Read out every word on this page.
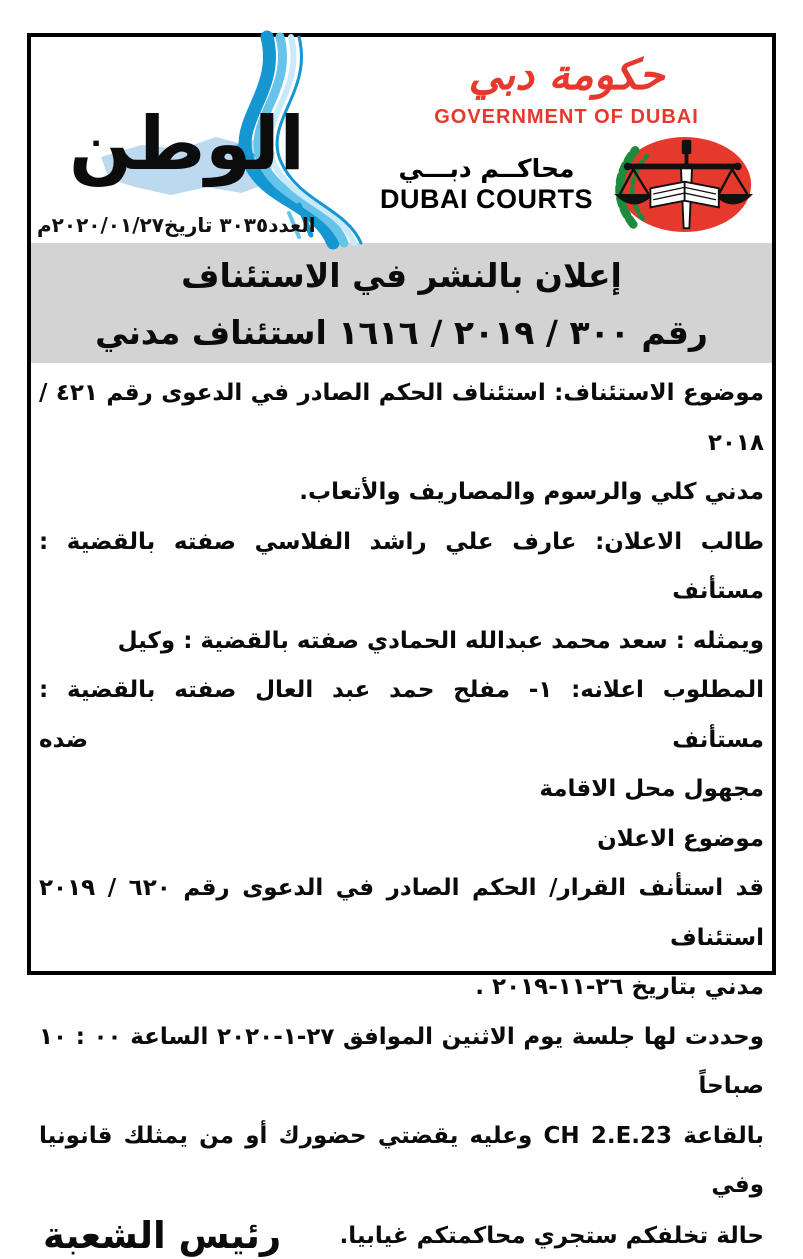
الوطن
العدد٣٠٣٥ تاريخ٢٠٢٠/٠١/٢٧م
حكومة دبي
GOVERNMENT OF DUBAI
محاكــم دبـــي
DUBAI COURTS
إعلان بالنشر في الاستئناف
رقم ٣٠٠ / ٢٠١٩ / ١٦١٦ استئناف مدني
موضوع الاستئناف: استئناف الحكم الصادر في الدعوى رقم ٤٢١ / ٢٠١٨
مدني كلي والرسوم والمصاريف والأتعاب.
طالب الاعلان: عارف علي راشد الفلاسي صفته بالقضية : مستأنف
ويمثله : سعد محمد عبدالله الحمادي صفته بالقضية : وكيل
المطلوب اعلانه: ١- مفلح حمد عبد العال صفته بالقضية : مستأنف ضده
مجهول محل الاقامة
موضوع الاعلان
قد استأنف القرار/ الحكم الصادر في الدعوى رقم ٦٢٠ / ٢٠١٩ استئناف
مدني بتاريخ ٢٦-١١-٢٠١٩ .
وحددت لها جلسة يوم الاثنين الموافق ٢٧-١-٢٠٢٠ الساعة ٠٠ : ١٠ صباحاً
بالقاعة CH 2.E.23 وعليه يقضتي حضورك أو من يمثلك قانونيا وفي
حالة تخلفكم ستجري محاكمتكم غيابيا.
رئيس الشعبة
